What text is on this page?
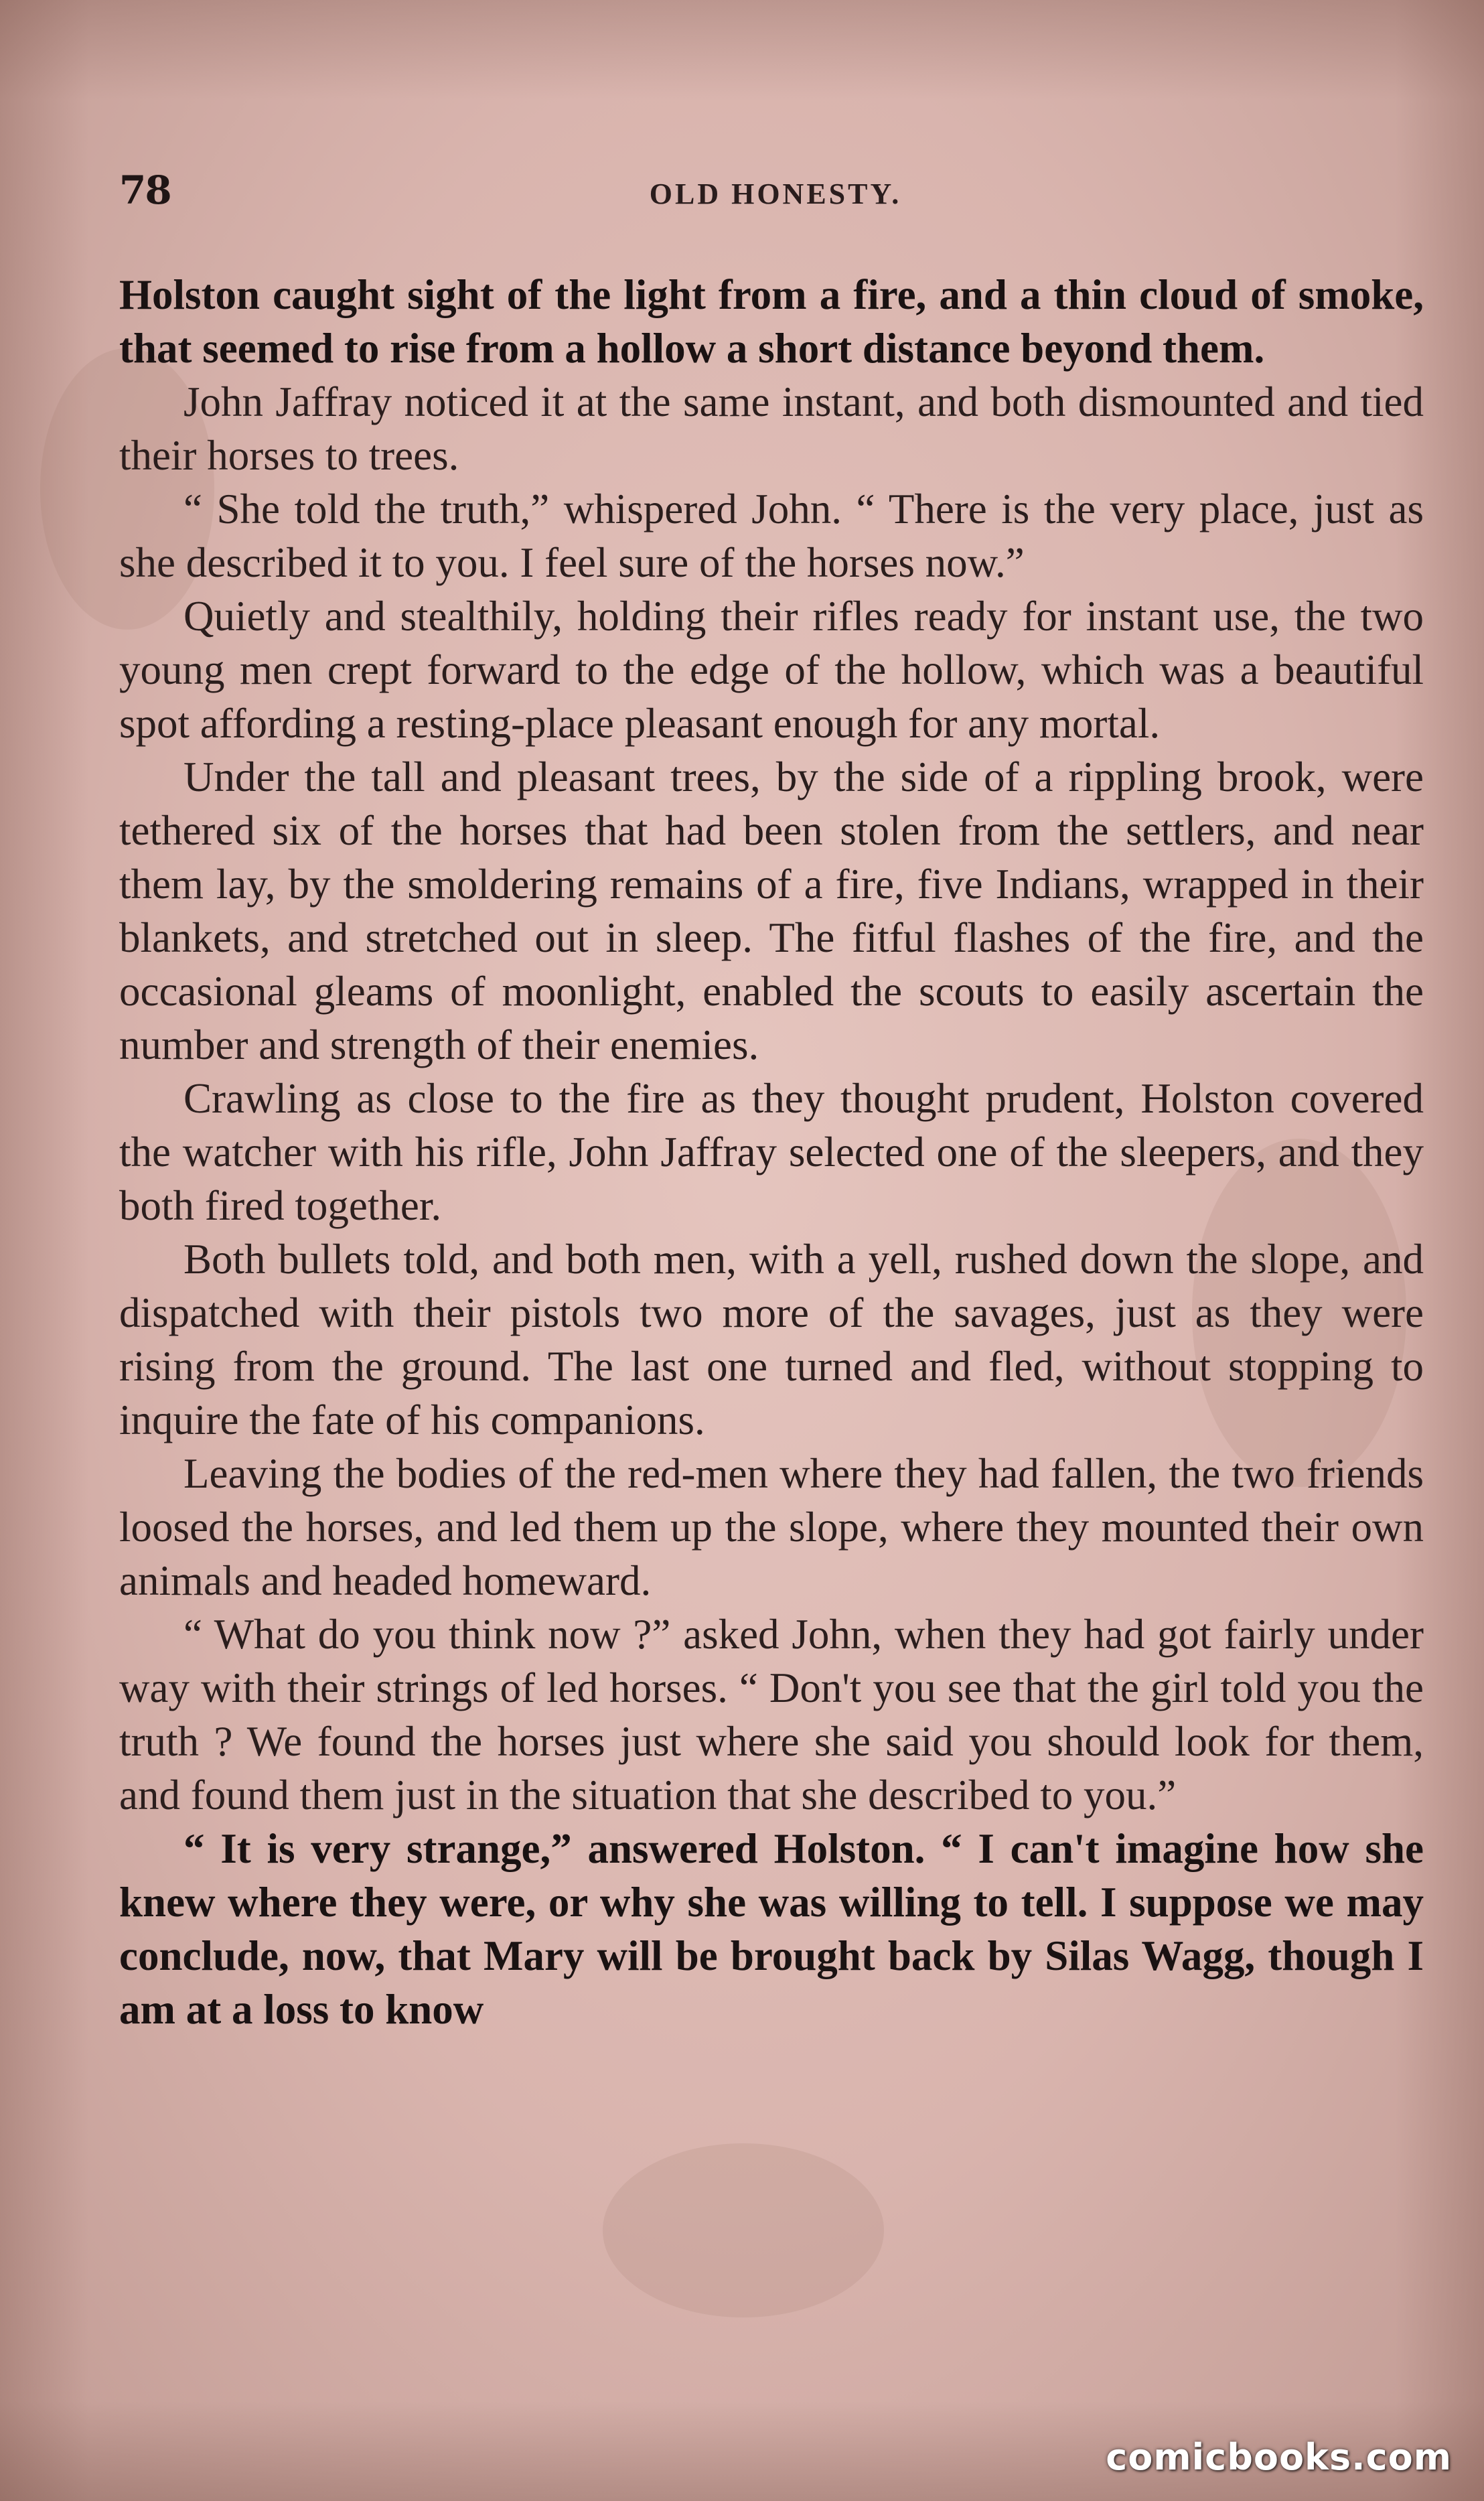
78	OLD HONESTY.

Holston caught sight of the light from a fire, and a thin cloud of smoke, that seemed to rise from a hollow a short distance beyond them.

John Jaffray noticed it at the same instant, and both dismounted and tied their horses to trees.

“ She told the truth,” whispered John. “ There is the very place, just as she described it to you. I feel sure of the horses now.”

Quietly and stealthily, holding their rifles ready for instant use, the two young men crept forward to the edge of the hollow, which was a beautiful spot affording a resting-place pleasant enough for any mortal.

Under the tall and pleasant trees, by the side of a rippling brook, were tethered six of the horses that had been stolen from the settlers, and near them lay, by the smoldering remains of a fire, five Indians, wrapped in their blankets, and stretched out in sleep. The fitful flashes of the fire, and the occasional gleams of moonlight, enabled the scouts to easily ascertain the number and strength of their enemies.

Crawling as close to the fire as they thought prudent, Holston covered the watcher with his rifle, John Jaffray selected one of the sleepers, and they both fired together.

Both bullets told, and both men, with a yell, rushed down the slope, and dispatched with their pistols two more of the savages, just as they were rising from the ground. The last one turned and fled, without stopping to inquire the fate of his companions.

Leaving the bodies of the red-men where they had fallen, the two friends loosed the horses, and led them up the slope, where they mounted their own animals and headed homeward.

“ What do you think now ?” asked John, when they had got fairly under way with their strings of led horses. “ Don't you see that the girl told you the truth ? We found the horses just where she said you should look for them, and found them just in the situation that she described to you.”

“ It is very strange,” answered Holston. “ I can't imagine how she knew where they were, or why she was willing to tell. I suppose we may conclude, now, that Mary will be brought back by Silas Wagg, though I am at a loss to know

comicbooks.com
